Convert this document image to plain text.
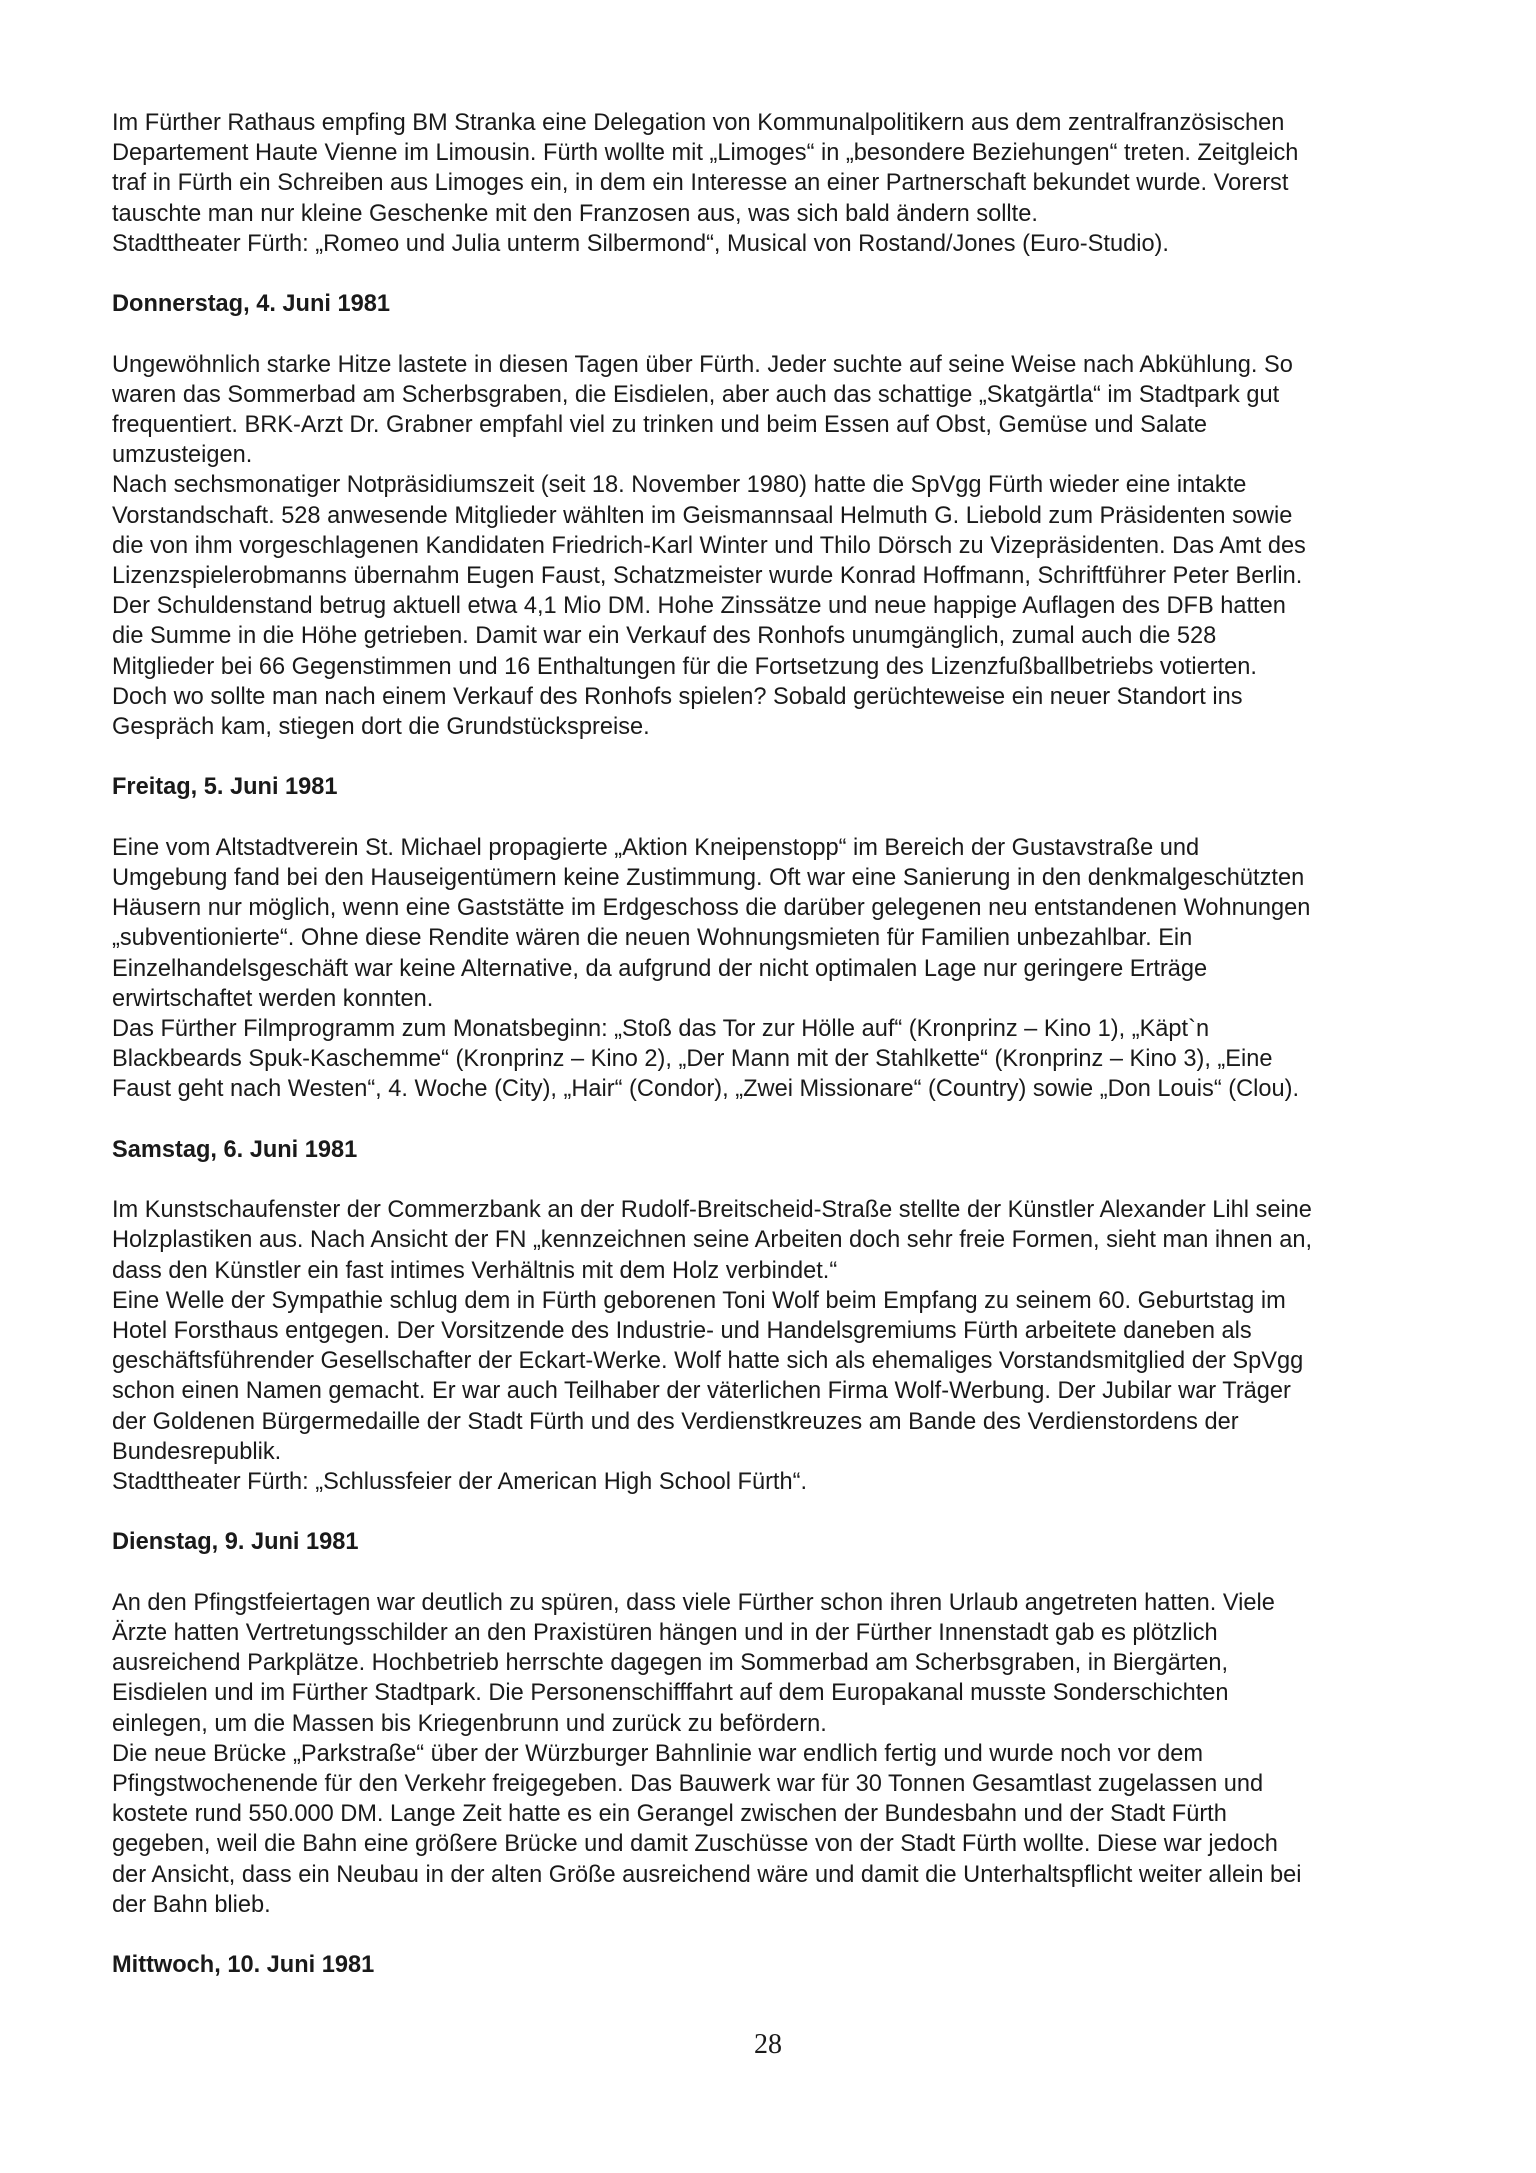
Im Fürther Rathaus empfing BM Stranka eine Delegation von Kommunalpolitikern aus dem zentralfranzösischen
Departement Haute Vienne im Limousin. Fürth wollte mit „Limoges“ in „besondere Beziehungen“ treten. Zeitgleich
traf in Fürth ein Schreiben aus Limoges ein, in dem ein Interesse an einer Partnerschaft bekundet wurde. Vorerst
tauschte man nur kleine Geschenke mit den Franzosen aus, was sich bald ändern sollte.

Stadttheater Fürth: „Romeo und Julia unterm Silbermond“, Musical von Rostand/Jones (Euro-Studio).

Donnerstag, 4. Juni 1981

Ungewöhnlich starke Hitze lastete in diesen Tagen über Fürth. Jeder suchte auf seine Weise nach Abkühlung. So
waren das Sommerbad am Scherbsgraben, die Eisdielen, aber auch das schattige „Skatgärtla“ im Stadtpark gut
frequentiert. BRK-Arzt Dr. Grabner empfahl viel zu trinken und beim Essen auf Obst, Gemüse und Salate
umzusteigen.

Nach sechsmonatiger Notpräsidiumszeit (seit 18. November 1980) hatte die SpVgg Fürth wieder eine intakte
Vorstandschaft. 528 anwesende Mitglieder wählten im Geismannsaal Helmuth G. Liebold zum Präsidenten sowie
die von ihm vorgeschlagenen Kandidaten Friedrich-Karl Winter und Thilo Dörsch zu Vizepräsidenten. Das Amt des
Lizenzspielerobmanns übernahm Eugen Faust, Schatzmeister wurde Konrad Hoffmann, Schriftführer Peter Berlin.
Der Schuldenstand betrug aktuell etwa 4,1 Mio DM. Hohe Zinssätze und neue happige Auflagen des DFB hatten
die Summe in die Höhe getrieben. Damit war ein Verkauf des Ronhofs unumgänglich, zumal auch die 528
Mitglieder bei 66 Gegenstimmen und 16 Enthaltungen für die Fortsetzung des Lizenzfußballbetriebs votierten.
Doch wo sollte man nach einem Verkauf des Ronhofs spielen? Sobald gerüchteweise ein neuer Standort ins
Gespräch kam, stiegen dort die Grundstückspreise.

Freitag, 5. Juni 1981

Eine vom Altstadtverein St. Michael propagierte „Aktion Kneipenstopp“ im Bereich der Gustavstraße und
Umgebung fand bei den Hauseigentümern keine Zustimmung. Oft war eine Sanierung in den denkmalgeschützten
Häusern nur möglich, wenn eine Gaststätte im Erdgeschoss die darüber gelegenen neu entstandenen Wohnungen
„subventionierte“. Ohne diese Rendite wären die neuen Wohnungsmieten für Familien unbezahlbar. Ein
Einzelhandelsgeschäft war keine Alternative, da aufgrund der nicht optimalen Lage nur geringere Erträge
erwirtschaftet werden konnten.

Das Fürther Filmprogramm zum Monatsbeginn: „Stoß das Tor zur Hölle auf“ (Kronprinz – Kino 1), „Käpt`n
Blackbeards Spuk-Kaschemme“ (Kronprinz – Kino 2), „Der Mann mit der Stahlkette“ (Kronprinz – Kino 3), „Eine
Faust geht nach Westen“, 4. Woche (City), „Hair“ (Condor), „Zwei Missionare“ (Country) sowie „Don Louis“ (Clou).

Samstag, 6. Juni 1981

Im Kunstschaufenster der Commerzbank an der Rudolf-Breitscheid-Straße stellte der Künstler Alexander Lihl seine
Holzplastiken aus. Nach Ansicht der FN „kennzeichnen seine Arbeiten doch sehr freie Formen, sieht man ihnen an,
dass den Künstler ein fast intimes Verhältnis mit dem Holz verbindet.“

Eine Welle der Sympathie schlug dem in Fürth geborenen Toni Wolf beim Empfang zu seinem 60. Geburtstag im
Hotel Forsthaus entgegen. Der Vorsitzende des Industrie- und Handelsgremiums Fürth arbeitete daneben als
geschäftsführender Gesellschafter der Eckart-Werke. Wolf hatte sich als ehemaliges Vorstandsmitglied der SpVgg
schon einen Namen gemacht. Er war auch Teilhaber der väterlichen Firma Wolf-Werbung. Der Jubilar war Träger
der Goldenen Bürgermedaille der Stadt Fürth und des Verdienstkreuzes am Bande des Verdienstordens der
Bundesrepublik.

Stadttheater Fürth: „Schlussfeier der American High School Fürth“.

Dienstag, 9. Juni 1981

An den Pfingstfeiertagen war deutlich zu spüren, dass viele Fürther schon ihren Urlaub angetreten hatten. Viele
Ärzte hatten Vertretungsschilder an den Praxistüren hängen und in der Fürther Innenstadt gab es plötzlich
ausreichend Parkplätze. Hochbetrieb herrschte dagegen im Sommerbad am Scherbsgraben, in Biergärten,
Eisdielen und im Fürther Stadtpark. Die Personenschifffahrt auf dem Europakanal musste Sonderschichten
einlegen, um die Massen bis Kriegenbrunn und zurück zu befördern.

Die neue Brücke „Parkstraße“ über der Würzburger Bahnlinie war endlich fertig und wurde noch vor dem
Pfingstwochenende für den Verkehr freigegeben. Das Bauwerk war für 30 Tonnen Gesamtlast zugelassen und
kostete rund 550.000 DM. Lange Zeit hatte es ein Gerangel zwischen der Bundesbahn und der Stadt Fürth
gegeben, weil die Bahn eine größere Brücke und damit Zuschüsse von der Stadt Fürth wollte. Diese war jedoch
der Ansicht, dass ein Neubau in der alten Größe ausreichend wäre und damit die Unterhaltspflicht weiter allein bei
der Bahn blieb.

Mittwoch, 10. Juni 1981

28
